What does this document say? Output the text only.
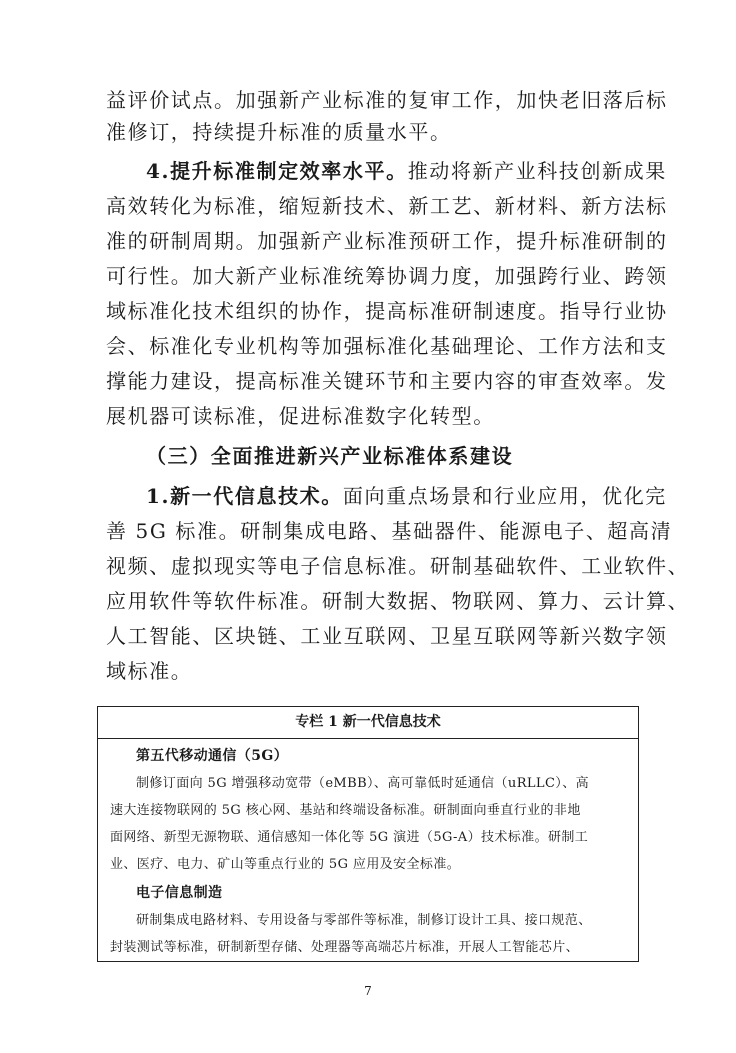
益评价试点。加强新产业标准的复审工作，加快老旧落后标
准修订，持续提升标准的质量水平。
4.提升标准制定效率水平。推动将新产业科技创新成果
高效转化为标准，缩短新技术、新工艺、新材料、新方法标
准的研制周期。加强新产业标准预研工作，提升标准研制的
可行性。加大新产业标准统筹协调力度，加强跨行业、跨领
域标准化技术组织的协作，提高标准研制速度。指导行业协
会、标准化专业机构等加强标准化基础理论、工作方法和支
撑能力建设，提高标准关键环节和主要内容的审查效率。发
展机器可读标准，促进标准数字化转型。
（三）全面推进新兴产业标准体系建设
1.新一代信息技术。面向重点场景和行业应用，优化完
善 5G 标准。研制集成电路、基础器件、能源电子、超高清
视频、虚拟现实等电子信息标准。研制基础软件、工业软件、
应用软件等软件标准。研制大数据、物联网、算力、云计算、
人工智能、区块链、工业互联网、卫星互联网等新兴数字领
域标准。
专栏 1 新一代信息技术
第五代移动通信（5G）
制修订面向 5G 增强移动宽带（eMBB）、高可靠低时延通信（uRLLC）、高
速大连接物联网的 5G 核心网、基站和终端设备标准。研制面向垂直行业的非地
面网络、新型无源物联、通信感知一体化等 5G 演进（5G-A）技术标准。研制工
业、医疗、电力、矿山等重点行业的 5G 应用及安全标准。
电子信息制造
研制集成电路材料、专用设备与零部件等标准，制修订设计工具、接口规范、
封装测试等标准，研制新型存储、处理器等高端芯片标准，开展人工智能芯片、
7
